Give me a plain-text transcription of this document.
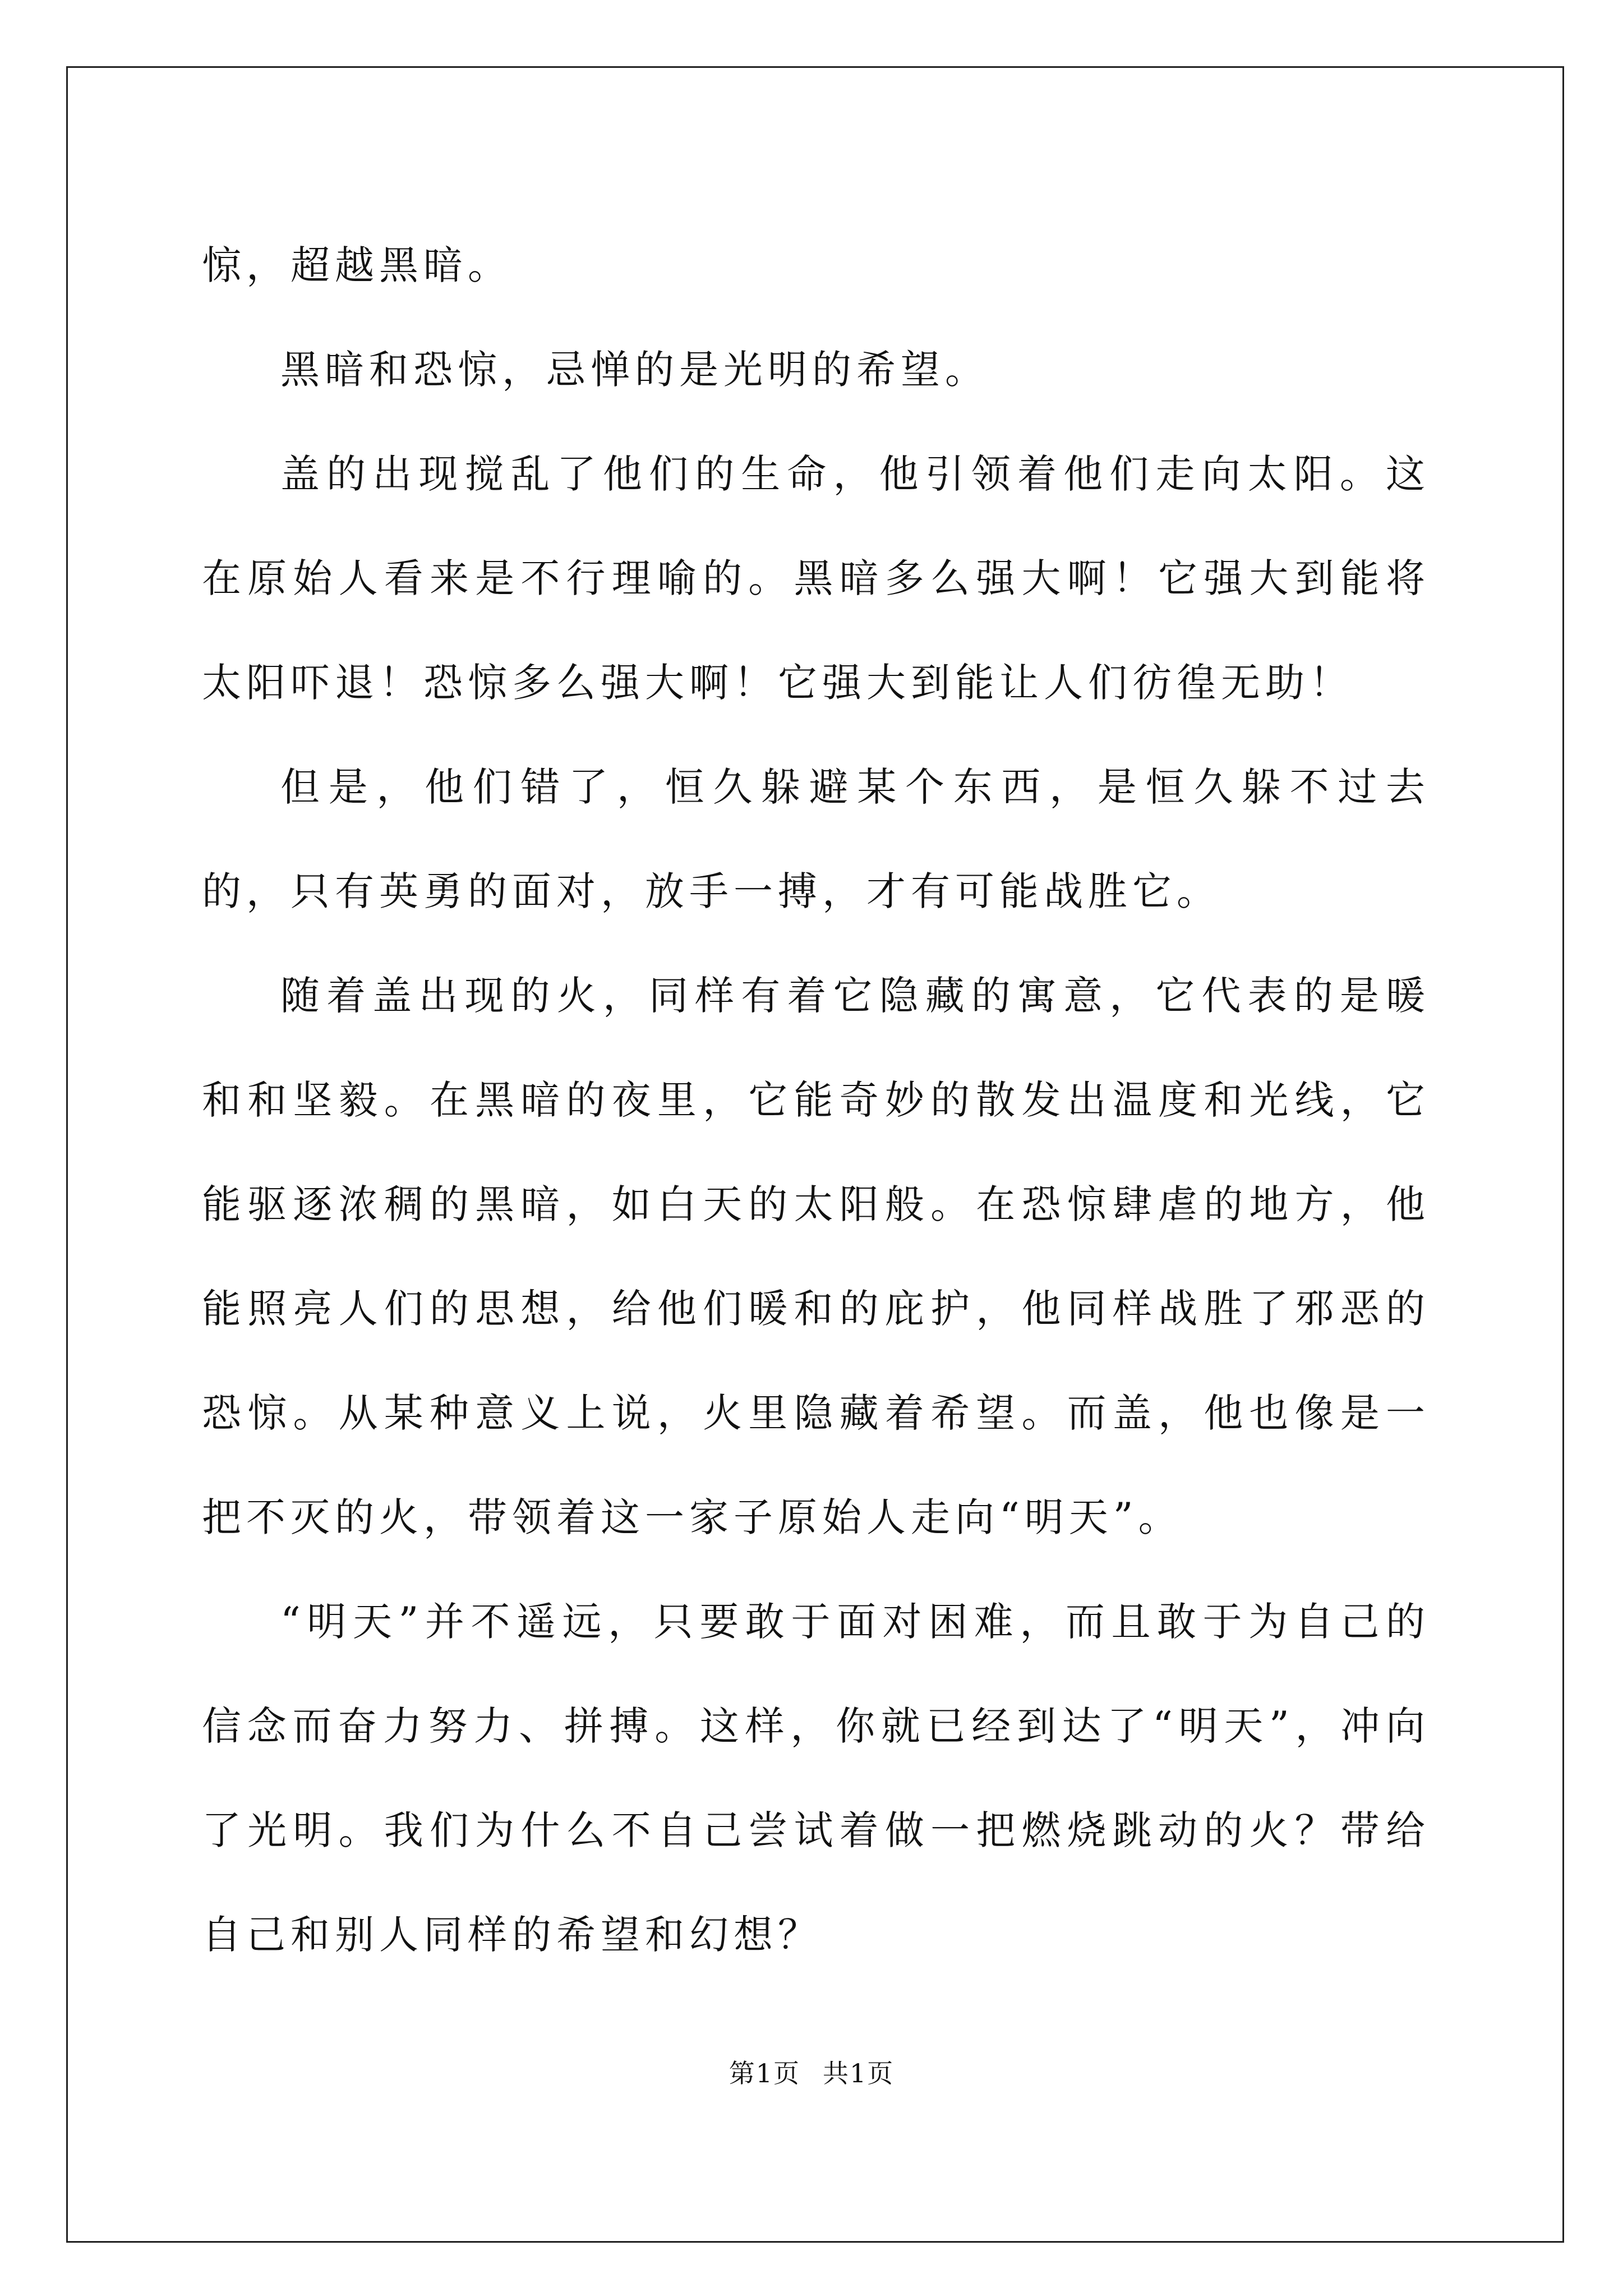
惊，超越黑暗。

黑暗和恐惊，忌惮的是光明的希望。

盖的出现搅乱了他们的生命，他引领着他们走向太阳。这在原始人看来是不行理喻的。黑暗多么强大啊！它强大到能将太阳吓退！恐惊多么强大啊！它强大到能让人们彷徨无助！

但是，他们错了，恒久躲避某个东西，是恒久躲不过去的，只有英勇的面对，放手一搏，才有可能战胜它。

随着盖出现的火，同样有着它隐藏的寓意，它代表的是暖和和坚毅。在黑暗的夜里，它能奇妙的散发出温度和光线，它能驱逐浓稠的黑暗，如白天的太阳般。在恐惊肆虐的地方，他能照亮人们的思想，给他们暖和的庇护，他同样战胜了邪恶的恐惊。从某种意义上说，火里隐藏着希望。而盖，他也像是一把不灭的火，带领着这一家子原始人走向“明天”。

“明天”并不遥远，只要敢于面对困难，而且敢于为自己的信念而奋力努力、拼搏。这样，你就已经到达了“明天”，冲向了光明。我们为什么不自己尝试着做一把燃烧跳动的火？带给自己和别人同样的希望和幻想？

第1页 共1页
